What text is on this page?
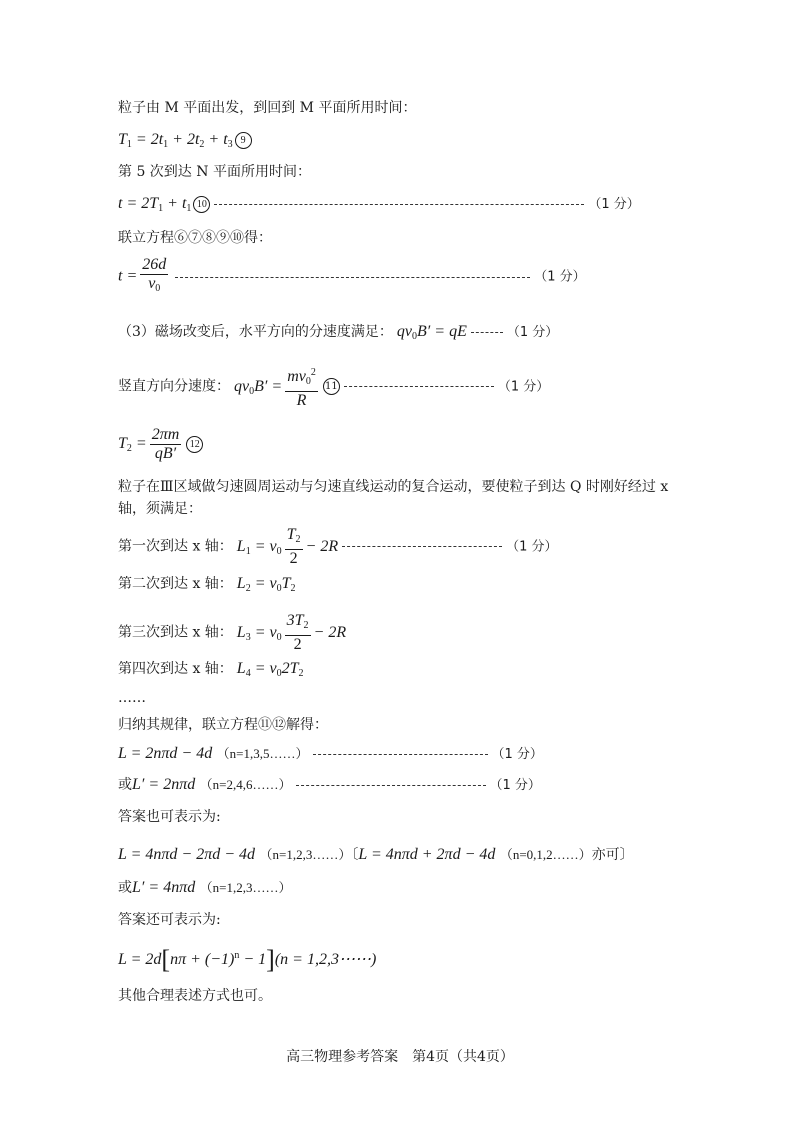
粒子由 M 平面出发，到回到 M 平面所用时间：
$T_1 = 2t_1 + 2t_2 + t_3$ 9
第 5 次到达 N 平面所用时间：
$t = 2T_1 + t_1$ 10	（1 分）
联立方程⑥⑦⑧⑨⑩得：
$t = \frac{26d}{v_0}$	（1 分）
（3）磁场改变后，水平方向的分速度满足： $qv_0B'$ = qE	（1 分）
竖直方向分速度： $qv_0B' = \frac{mv_0^2}{R} 11$	（1 分）
$T_2 = \frac{2\pi m}{qB'} 12$
粒子在Ⅲ区域做匀速圆周运动与匀速直线运动的复合运动，要使粒子到达 Q 时刚好经过 x
轴，须满足：
第一次到达 x 轴： $L_1 = v_0 \frac{T_2}{2} - 2R$	（1 分）
第二次到达 x 轴： $L_2 = v_0T_2$
第三次到达 x 轴： $L_3 = v_0 \frac{3T_2}{2} - 2R$
第四次到达 x 轴： $L_4 = v_02T_2$
……
归纳其规律，联立方程⑪⑫解得：
L = 2nπd − 4d （n=1,3,5……）	（1 分）
或L′ = 2nπd （n=2,4,6……）	（1 分）
答案也可表示为:
L = 4nπd − 2πd − 4d （n=1,2,3……）〔L = 4nπd + 2πd − 4d （n=0,1,2……）亦可〕
或L′ = 4nπd （n=1,2,3……）
答案还可表示为:
$L = 2d[n\pi + (-1)^n - 1](n$ = 1,2,3⋯⋯)
其他合理表述方式也可。
高三物理参考答案　第4页（共4页）
